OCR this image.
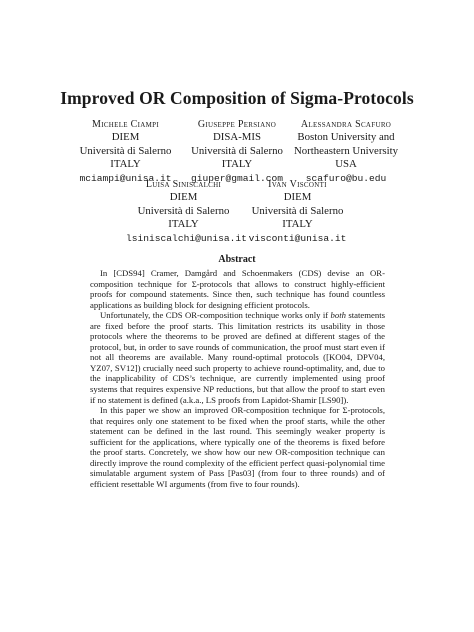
Improved OR Composition of Sigma-Protocols
Michele Ciampi
DIEM
Università di Salerno
ITALY
mciampi@unisa.it
Giuseppe Persiano
DISA-MIS
Università di Salerno
ITALY
giuper@gmail.com
Alessandra Scafuro
Boston University and
Northeastern University
USA
scafuro@bu.edu
Luisa Siniscalchi
DIEM
Università di Salerno
ITALY
lsiniscalchi@unisa.it
Ivan Visconti
DIEM
Università di Salerno
ITALY
visconti@unisa.it
Abstract

In [CDS94] Cramer, Damgård and Schoenmakers (CDS) devise an OR-composition technique for Σ-protocols that allows to construct highly-efficient proofs for compound statements. Since then, such technique has found countless applications as building block for designing efficient protocols.

Unfortunately, the CDS OR-composition technique works only if both statements are fixed before the proof starts. This limitation restricts its usability in those protocols where the theorems to be proved are defined at different stages of the protocol, but, in order to save rounds of communication, the proof must start even if not all theorems are available. Many round-optimal protocols ([KO04, DPV04, YZ07, SV12]) crucially need such property to achieve round-optimality, and, due to the inapplicability of CDS’s technique, are currently implemented using proof systems that requires expensive NP reductions, but that allow the proof to start even if no statement is defined (a.k.a., LS proofs from Lapidot-Shamir [LS90]).

In this paper we show an improved OR-composition technique for Σ-protocols, that requires only one statement to be fixed when the proof starts, while the other statement can be defined in the last round. This seemingly weaker property is sufficient for the applications, where typically one of the theorems is fixed before the proof starts. Concretely, we show how our new OR-composition technique can directly improve the round complexity of the efficient perfect quasi-polynomial time simulatable argument system of Pass [Pas03] (from four to three rounds) and of efficient resettable WI arguments (from five to four rounds).
